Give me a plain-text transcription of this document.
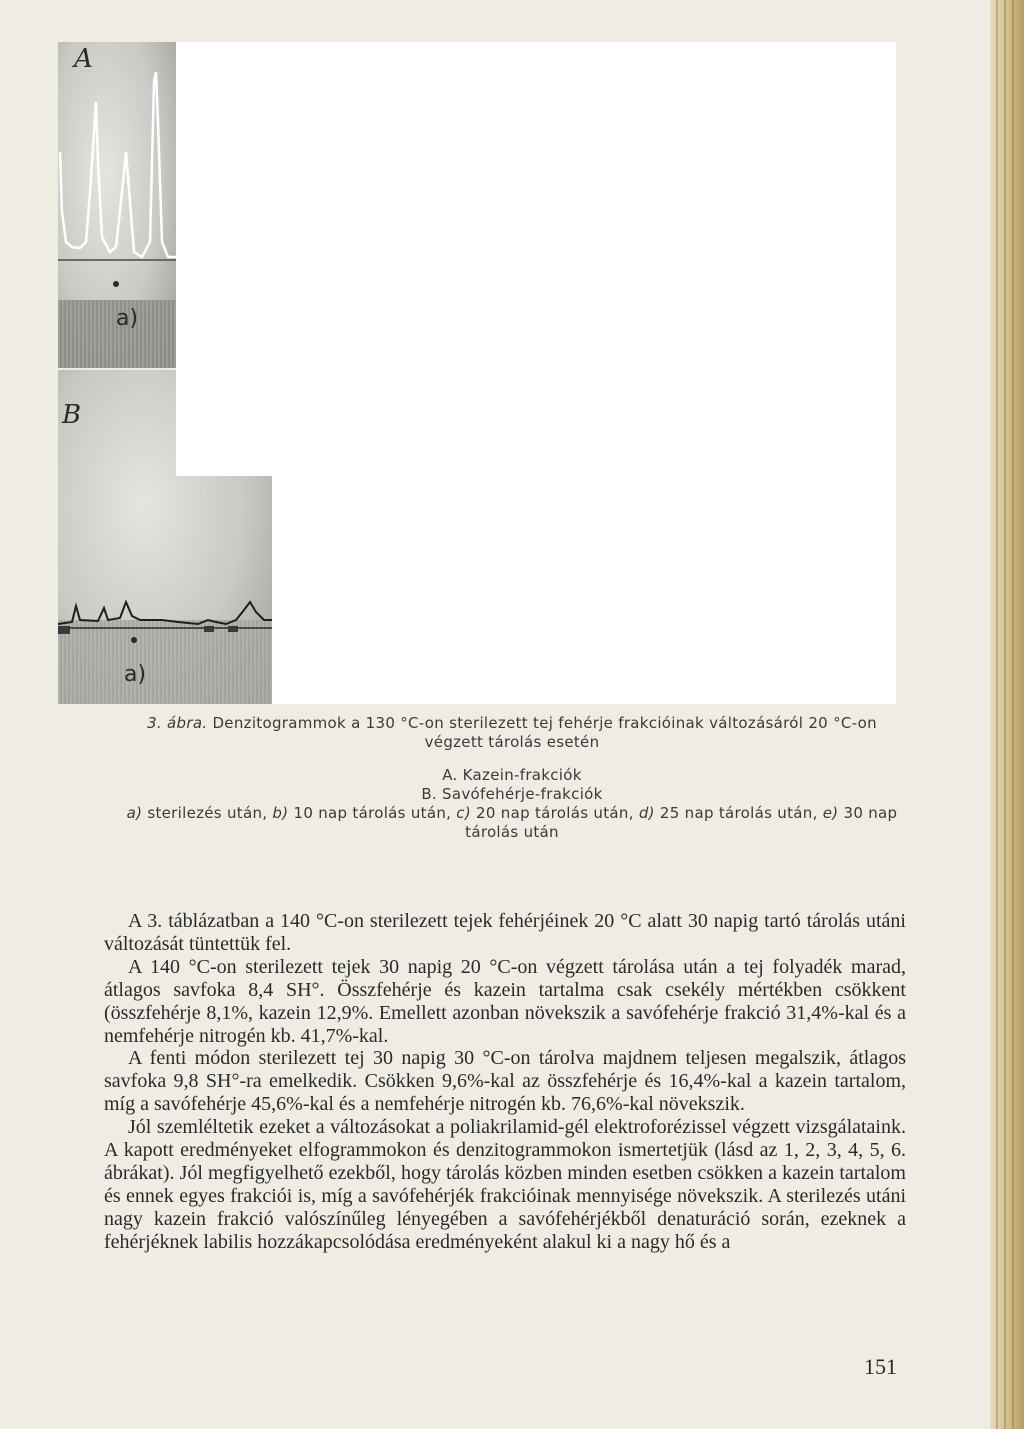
A
a)
B
a)
3. ábra. Denzitogrammok a 130 °C-on sterilezett tej fehérje frakcióinak változásáról 20 °C-on
végzett tárolás esetén
A. Kazein-frakciók
B. Savófehérje-frakciók
a) sterilezés után, b) 10 nap tárolás után, c) 20 nap tárolás után, d) 25 nap tárolás után, e) 30 nap
tárolás után

A 3. táblázatban a 140 °C-on sterilezett tejek fehérjéinek 20 °C alatt 30 napig tartó tárolás utáni változását tüntettük fel.

A 140 °C-on sterilezett tejek 30 napig 20 °C-on végzett tárolása után a tej folyadék marad, átlagos savfoka 8,4 SH°. Összfehérje és kazein tartalma csak csekély mértékben csökkent (összfehérje 8,1%, kazein 12,9%. Emellett azonban növekszik a savófehérje frakció 31,4%-kal és a nemfehérje nitrogén kb. 41,7%-kal.

A fenti módon sterilezett tej 30 napig 30 °C-on tárolva majdnem teljesen megalszik, átlagos savfoka 9,8 SH°-ra emelkedik. Csökken 9,6%-kal az összfehérje és 16,4%-kal a kazein tartalom, míg a savófehérje 45,6%-kal és a nemfehérje nitrogén kb. 76,6%-kal növekszik.

Jól szemléltetik ezeket a változásokat a poliakrilamid-gél elektroforézissel végzett vizsgálataink. A kapott eredményeket elfogrammokon és denzitogrammokon ismertetjük (lásd az 1, 2, 3, 4, 5, 6. ábrákat). Jól megfigyelhető ezekből, hogy tárolás közben minden esetben csökken a kazein tartalom és ennek egyes frakciói is, míg a savófehérjék frakcióinak mennyisége növekszik. A sterilezés utáni nagy kazein frakció valószínűleg lényegében a savófehérjékből denaturáció során, ezeknek a fehérjéknek labilis hozzákapcsolódása eredményeként alakul ki a nagy hő és a

151
